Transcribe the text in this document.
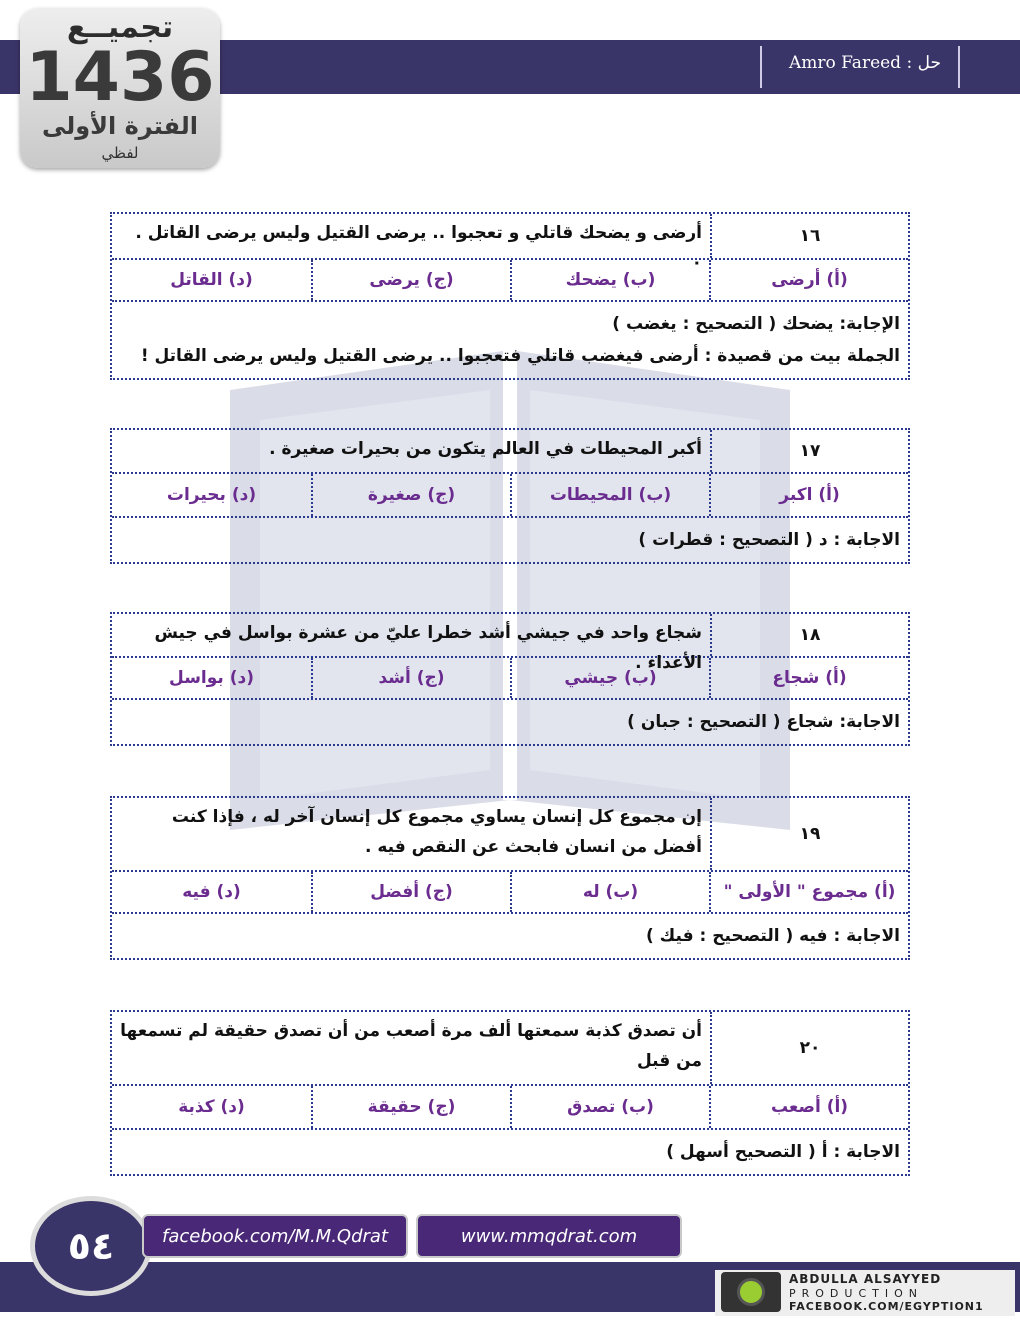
حل : Amro Fareed
تجميــع
1436
الفترة الأولى
لفظي
١٦
أرضى و يضحك قاتلي و تعجبوا .. يرضى القتيل وليس يرضى القاتل . ٠
(أ) أرضى
(ب) يضحك
(ج) يرضى
(د) القاتل
الإجابة: يضحك ( التصحيح : يغضب )
الجملة بيت من قصيدة : أرضى فيغضب قاتلي فتعجبوا .. يرضى القتيل وليس يرضى القاتل !
١٧
أكبر المحيطات في العالم يتكون من بحيرات صغيرة .
(أ) اكبر
(ب) المحيطات
(ج) صغيرة
(د) بحيرات
الاجابة : د ( التصحيح : قطرات )
١٨
شجاع واحد في جيشي أشد خطرا عليّ من عشرة بواسل في جيش الأعداء .
(أ) شجاع
(ب) جيشي
(ج) أشد
(د) بواسل
الاجابة: شجاع ( التصحيح : جبان )
١٩
إن مجموع كل إنسان يساوي مجموع كل إنسان آخر له ، فإذا كنت أفضل من انسان فابحث عن النقص فيه .
(أ) مجموع " الأولى "
(ب) له
(ج) أفضل
(د) فيه
الاجابة : فيه ( التصحيح : فيك )
٢٠
أن تصدق كذبة سمعتها ألف مرة أصعب من أن تصدق حقيقة لم تسمعها من قبل
(أ) أصعب
(ب) تصدق
(ج) حقيقة
(د) كذبة
الاجابة : أ ( التصحيح أسهل )
٥٤	facebook.com/M.M.Qdrat	www.mmqdrat.com
ABDULLA ALSAYYED
PRODUCTION
FACEBOOK.COM/EGYPTION1
